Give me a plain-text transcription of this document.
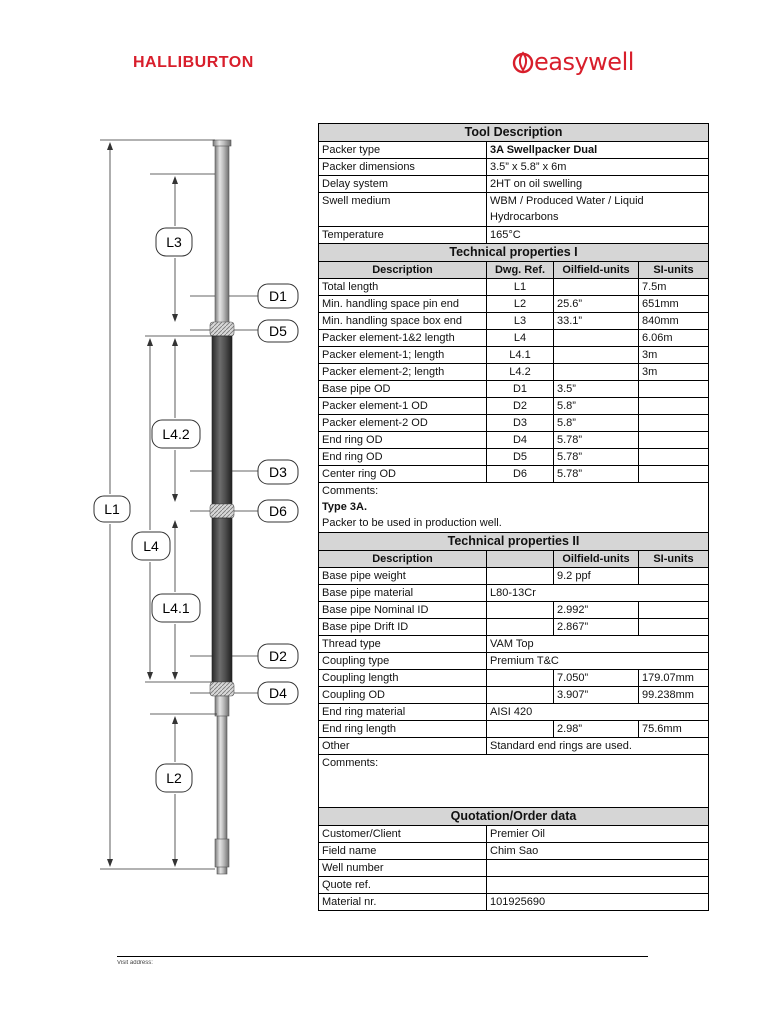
HALLIBURTON	easywell
L1
L3
L4
L4.2
L4.1
L2
D1
D5
D3
D6
D2
D4
Tool Description			
Packer type	3A Swellpacker Dual		
Packer dimensions	3.5” x 5.8” x 6m		
Delay system	2HT on oil swelling		
Swell medium	WBM / Produced Water / Liquid Hydrocarbons		
Temperature	165°C		
Technical properties I			
Description	Dwg. Ref.	Oilfield-units	SI-units
Total length	L1		7.5m
Min. handling space pin end	L2	25.6”	651mm
Min. handling space box end	L3	33.1”	840mm
Packer element-1&2 length	L4		6.06m
Packer element-1; length	L4.1		3m
Packer element-2; length	L4.2		3m
Base pipe OD	D1	3.5”	
Packer element-1 OD	D2	5.8”	
Packer element-2 OD	D3	5.8”	
End ring OD	D4	5.78”	
End ring OD	D5	5.78”	
Center ring OD	D6	5.78”	

Comments:
Type 3A.
Packer to be used in production well.			

Technical properties II			
Description		Oilfield-units	SI-units
Base pipe weight		9.2 ppf	
Base pipe material	L80-13Cr		
Base pipe Nominal ID		2.992”	
Base pipe Drift ID		2.867”	
Thread type	VAM Top		
Coupling type	Premium T&C		
Coupling length		7.050”	179.07mm
Coupling OD		3.907”	99.238mm
End ring material	AISI 420		
End ring length		2.98”	75.6mm
Other	Standard end rings are used.		
Comments:			
Quotation/Order data			
Customer/Client	Premier Oil		
Field name	Chim Sao		
Well number			
Quote ref.			
Material nr.	101925690		
Visit address:
